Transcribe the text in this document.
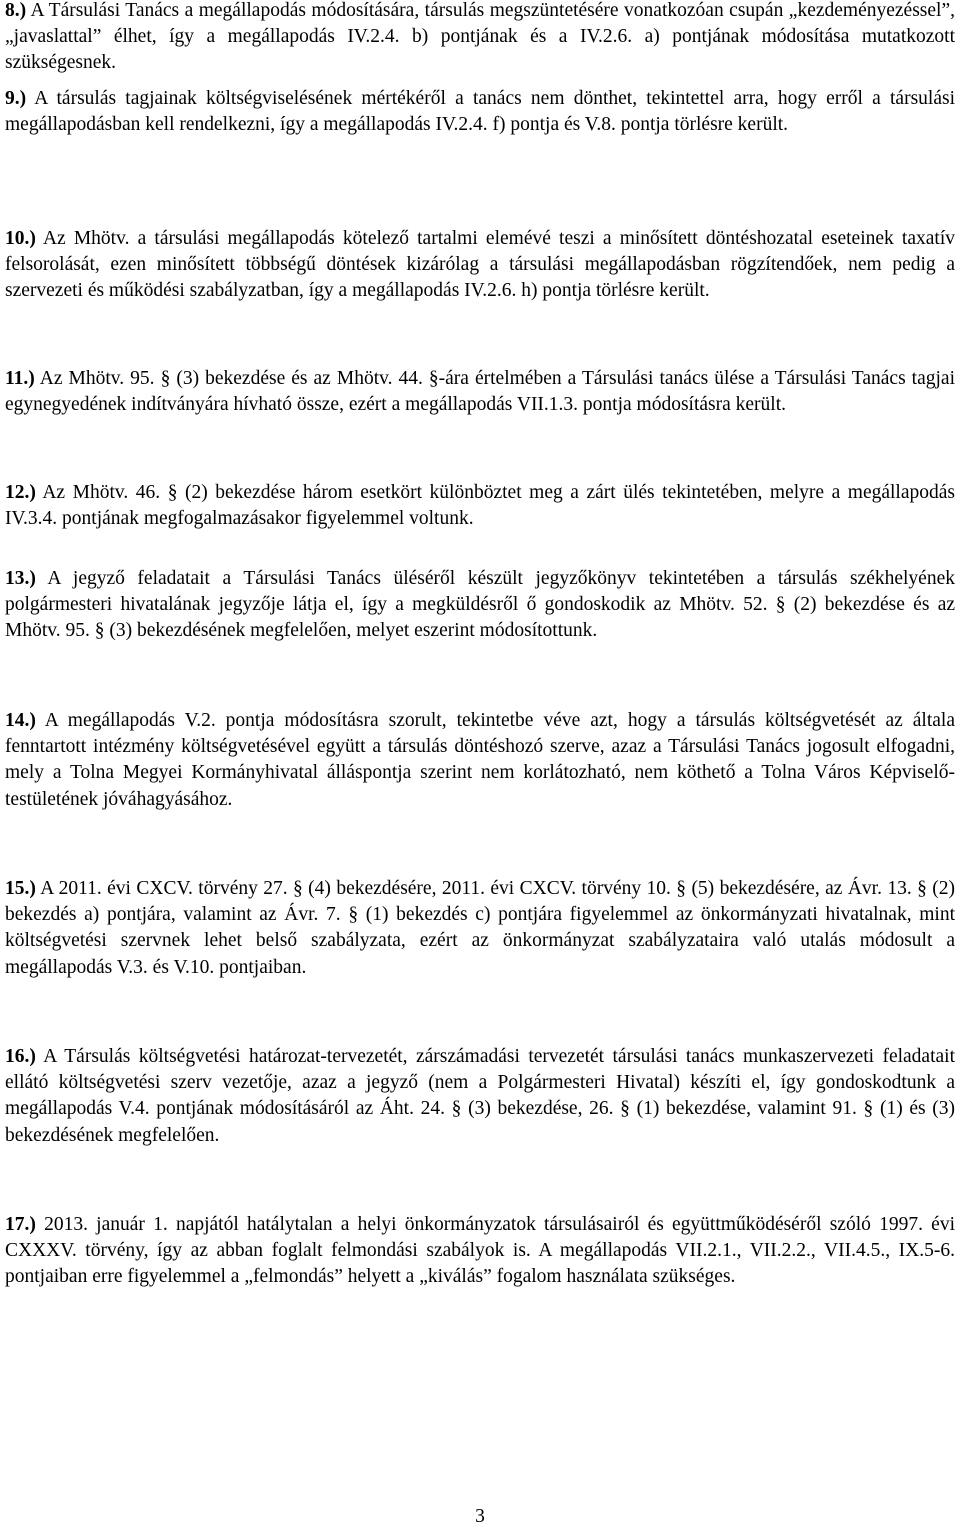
8.) A Társulási Tanács a megállapodás módosítására, társulás megszüntetésére vonatkozóan csupán „kezdeményezéssel”, „javaslattal” élhet, így a megállapodás IV.2.4. b) pontjának és a IV.2.6. a) pontjának módosítása mutatkozott szükségesnek.

9.) A társulás tagjainak költségviselésének mértékéről a tanács nem dönthet, tekintettel arra, hogy erről a társulási megállapodásban kell rendelkezni, így a megállapodás IV.2.4. f) pontja és V.8. pontja törlésre került.

10.) Az Mhötv. a társulási megállapodás kötelező tartalmi elemévé teszi a minősített döntéshozatal eseteinek taxatív felsorolását, ezen minősített többségű döntések kizárólag a társulási megállapodásban rögzítendőek, nem pedig a szervezeti és működési szabályzatban, így a megállapodás IV.2.6. h) pontja törlésre került.

11.) Az Mhötv. 95. § (3) bekezdése és az Mhötv. 44. §-ára értelmében a Társulási tanács ülése a Társulási Tanács tagjai egynegyedének indítványára hívható össze, ezért a megállapodás VII.1.3. pontja módosításra került.

12.) Az Mhötv. 46. § (2) bekezdése három esetkört különböztet meg a zárt ülés tekintetében, melyre a megállapodás IV.3.4. pontjának megfogalmazásakor figyelemmel voltunk.

13.) A jegyző feladatait a Társulási Tanács üléséről készült jegyzőkönyv tekintetében a társulás székhelyének polgármesteri hivatalának jegyzője látja el, így a megküldésről ő gondoskodik az Mhötv. 52. § (2) bekezdése és az Mhötv. 95. § (3) bekezdésének megfelelően, melyet eszerint módosítottunk.

14.) A megállapodás V.2. pontja módosításra szorult, tekintetbe véve azt, hogy a társulás költségvetését az általa fenntartott intézmény költségvetésével együtt a társulás döntéshozó szerve, azaz a Társulási Tanács jogosult elfogadni, mely a Tolna Megyei Kormányhivatal álláspontja szerint nem korlátozható, nem köthető a Tolna Város Képviselő-testületének jóváhagyásához.

15.) A 2011. évi CXCV. törvény 27. § (4) bekezdésére, 2011. évi CXCV. törvény 10. § (5) bekezdésére, az Ávr. 13. § (2) bekezdés a) pontjára, valamint az Ávr. 7. § (1) bekezdés c) pontjára figyelemmel az önkormányzati hivatalnak, mint költségvetési szervnek lehet belső szabályzata, ezért az önkormányzat szabályzataira való utalás módosult a megállapodás V.3. és V.10. pontjaiban.

16.) A Társulás költségvetési határozat-tervezetét, zárszámadási tervezetét társulási tanács munkaszervezeti feladatait ellátó költségvetési szerv vezetője, azaz a jegyző (nem a Polgármesteri Hivatal) készíti el, így gondoskodtunk a megállapodás V.4. pontjának módosításáról az Áht. 24. § (3) bekezdése, 26. § (1) bekezdése, valamint 91. § (1) és (3) bekezdésének megfelelően.

17.) 2013. január 1. napjától hatálytalan a helyi önkormányzatok társulásairól és együttműködéséről szóló 1997. évi CXXXV. törvény, így az abban foglalt felmondási szabályok is. A megállapodás VII.2.1., VII.2.2., VII.4.5., IX.5-6. pontjaiban erre figyelemmel a „felmondás” helyett a „kiválás” fogalom használata szükséges.

3
